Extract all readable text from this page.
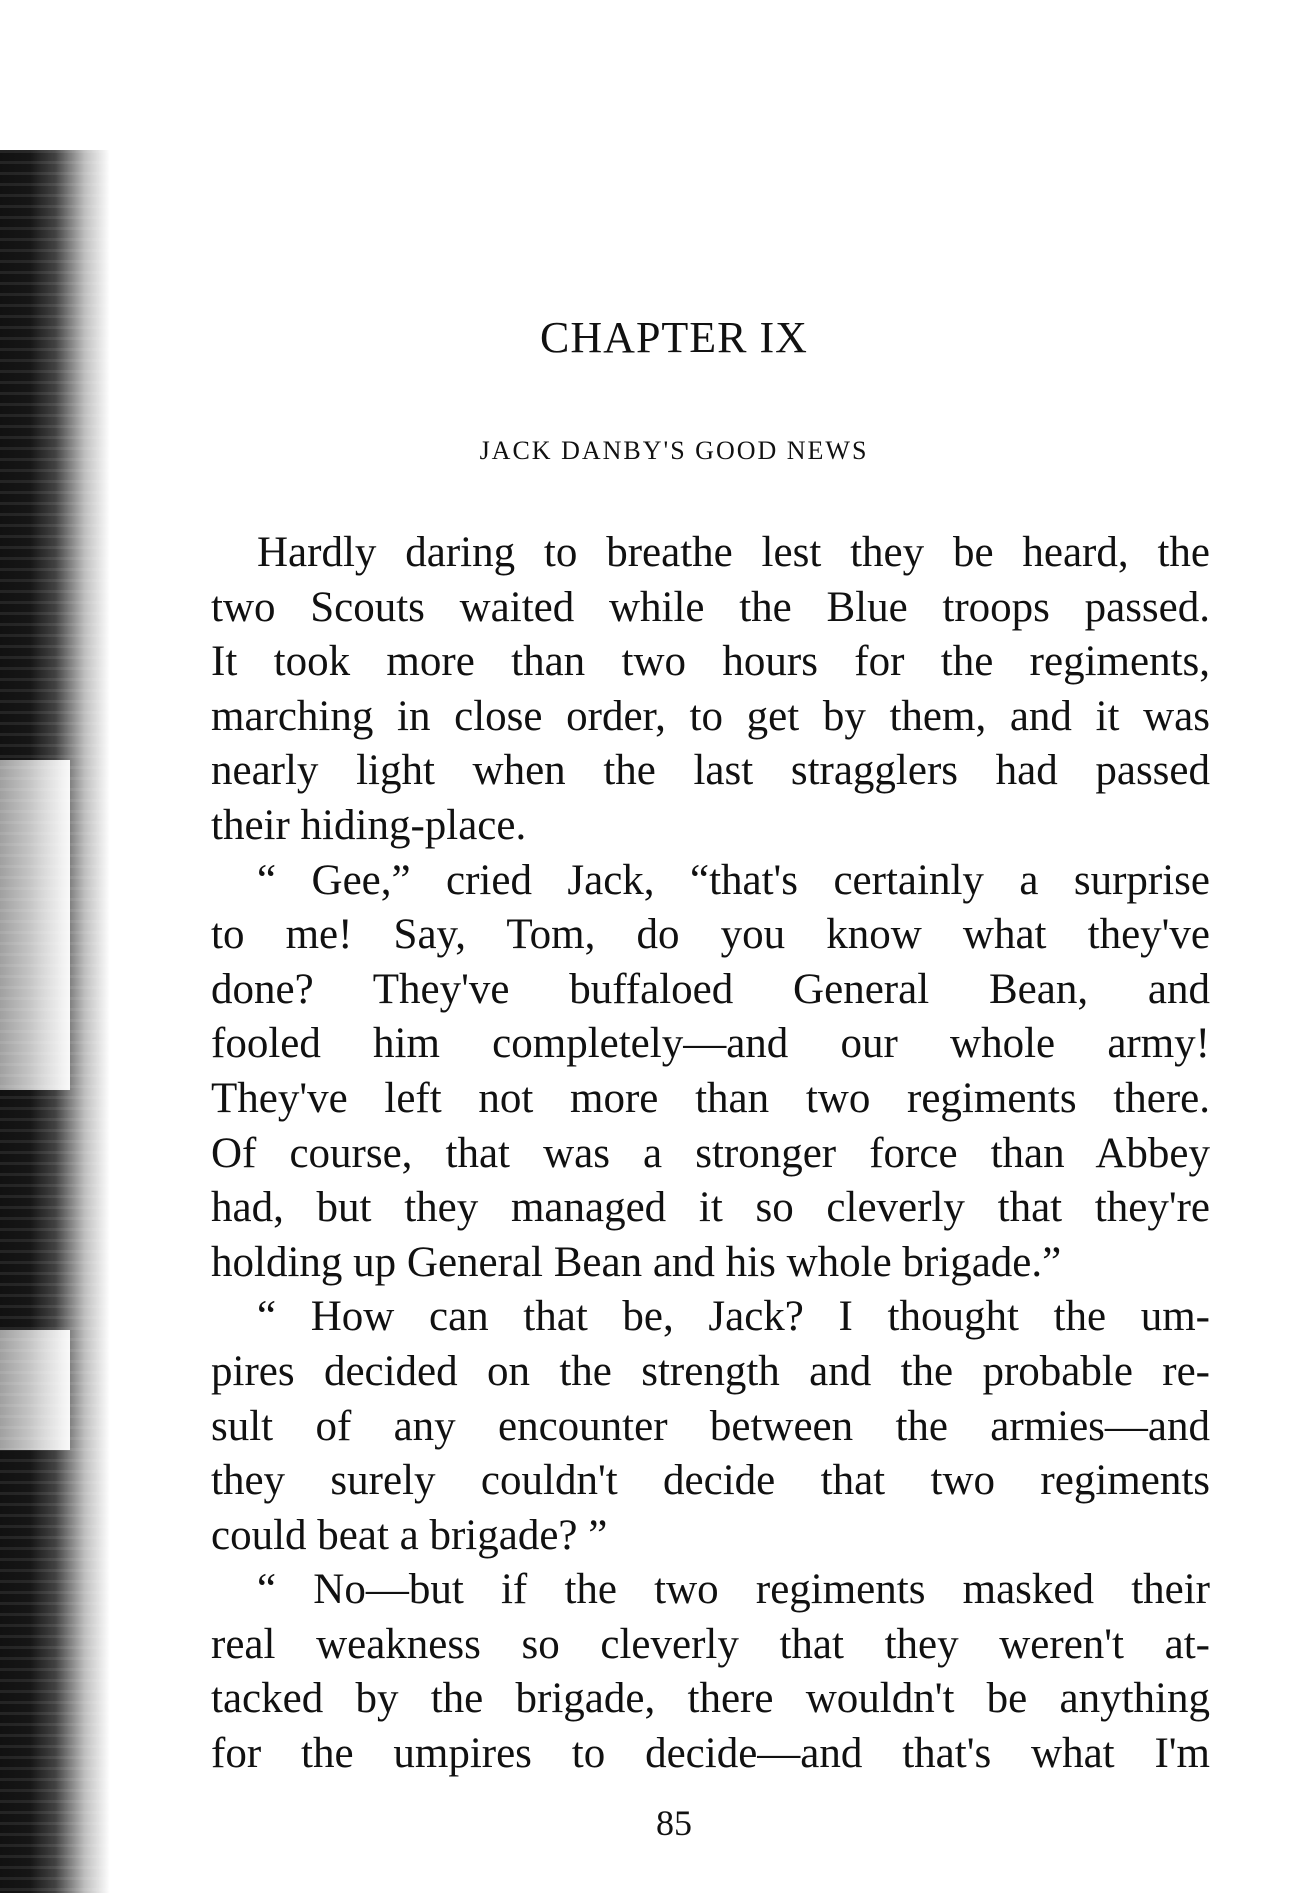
CHAPTER IX
JACK DANBY'S GOOD NEWS

Hardly daring to breathe lest they be heard, the
two Scouts waited while the Blue troops passed.
It took more than two hours for the regiments,
marching in close order, to get by them, and it was
nearly light when the last stragglers had passed
their hiding-place.

“ Gee,” cried Jack, “that's certainly a surprise
to me! Say, Tom, do you know what they've
done? They've buffaloed General Bean, and
fooled him completely—and our whole army!
They've left not more than two regiments there.
Of course, that was a stronger force than Abbey
had, but they managed it so cleverly that they're
holding up General Bean and his whole brigade.”

“ How can that be, Jack? I thought the um-
pires decided on the strength and the probable re-
sult of any encounter between the armies—and
they surely couldn't decide that two regiments
could beat a brigade? ”

“ No—but if the two regiments masked their
real weakness so cleverly that they weren't at-
tacked by the brigade, there wouldn't be anything
for the umpires to decide—and that's what I'm

85
